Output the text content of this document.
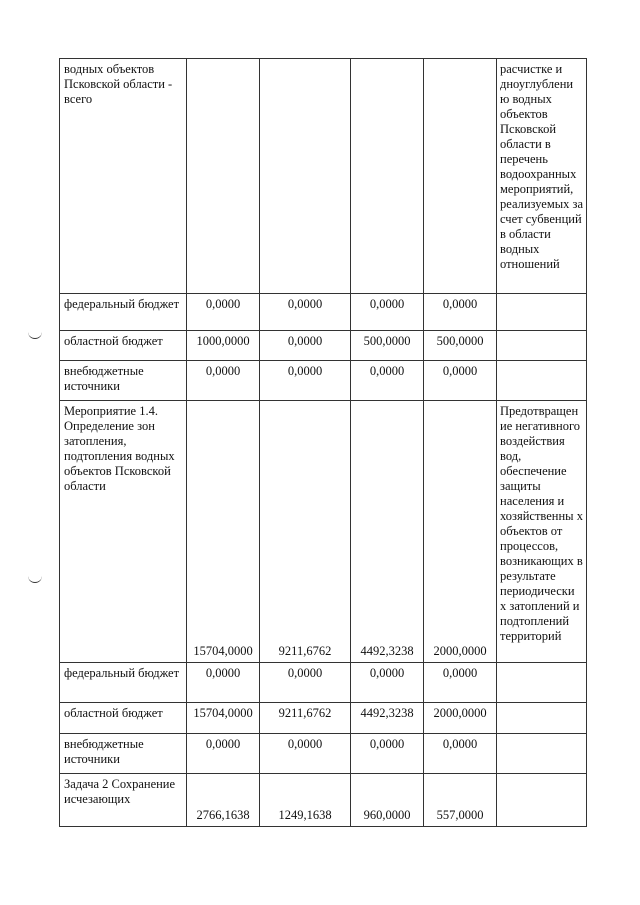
водных объектов Псковской области - всего					расчистке и дноуглублени ю водных объектов Псковской области в перечень водоохранных мероприятий, реализуемых за счет субвенций в области водных отношений
федеральный бюджет	0,0000	0,0000	0,0000	0,0000	
областной бюджет	1000,0000	0,0000	500,0000	500,0000	
внебюджетные источники	0,0000	0,0000	0,0000	0,0000	
Мероприятие 1.4. Определение зон затопления, подтопления водных объектов Псковской области	15704,0000	9211,6762	4492,3238	2000,0000	Предотвращен ие негативного воздействия вод, обеспечение защиты населения и хозяйственны х объектов от процессов, возникающих в результате периодически х затоплений и подтоплений территорий
федеральный бюджет	0,0000	0,0000	0,0000	0,0000	
областной бюджет	15704,0000	9211,6762	4492,3238	2000,0000	
внебюджетные источники	0,0000	0,0000	0,0000	0,0000	
Задача 2 Сохранение исчезающих	2766,1638	1249,1638	960,0000	557,0000	
